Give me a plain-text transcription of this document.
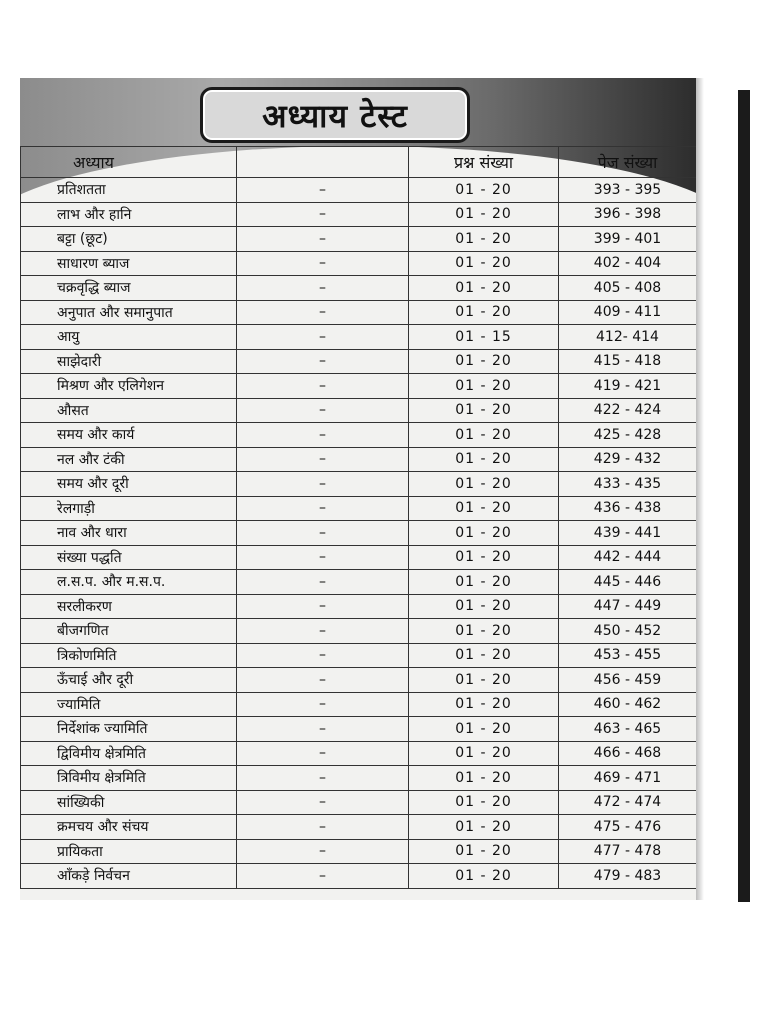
अध्याय टेस्ट
अध्याय		प्रश्न संख्या	पेज संख्या
प्रतिशतता	–	01 - 20	393 - 395
लाभ और हानि	–	01 - 20	396 - 398
बट्टा (छूट)	–	01 - 20	399 - 401
साधारण ब्याज	–	01 - 20	402 - 404
चक्रवृद्धि ब्याज	–	01 - 20	405 - 408
अनुपात और समानुपात	–	01 - 20	409 - 411
आयु	–	01 - 15	412- 414
साझेदारी	–	01 - 20	415 - 418
मिश्रण और एलिगेशन	–	01 - 20	419 - 421
औसत	–	01 - 20	422 - 424
समय और कार्य	–	01 - 20	425 - 428
नल और टंकी	–	01 - 20	429 - 432
समय और दूरी	–	01 - 20	433 - 435
रेलगाड़ी	–	01 - 20	436 - 438
नाव और धारा	–	01 - 20	439 - 441
संख्या पद्धति	–	01 - 20	442 - 444
ल.स.प. और म.स.प.	–	01 - 20	445 - 446
सरलीकरण	–	01 - 20	447 - 449
बीजगणित	–	01 - 20	450 - 452
त्रिकोणमिति	–	01 - 20	453 - 455
ऊँचाई और दूरी	–	01 - 20	456 - 459
ज्यामिति	–	01 - 20	460 - 462
निर्देशांक ज्यामिति	–	01 - 20	463 - 465
द्विविमीय क्षेत्रमिति	–	01 - 20	466 - 468
त्रिविमीय क्षेत्रमिति	–	01 - 20	469 - 471
सांख्यिकी	–	01 - 20	472 - 474
क्रमचय और संचय	–	01 - 20	475 - 476
प्रायिकता	–	01 - 20	477 - 478
आँकड़े निर्वचन	–	01 - 20	479 - 483
